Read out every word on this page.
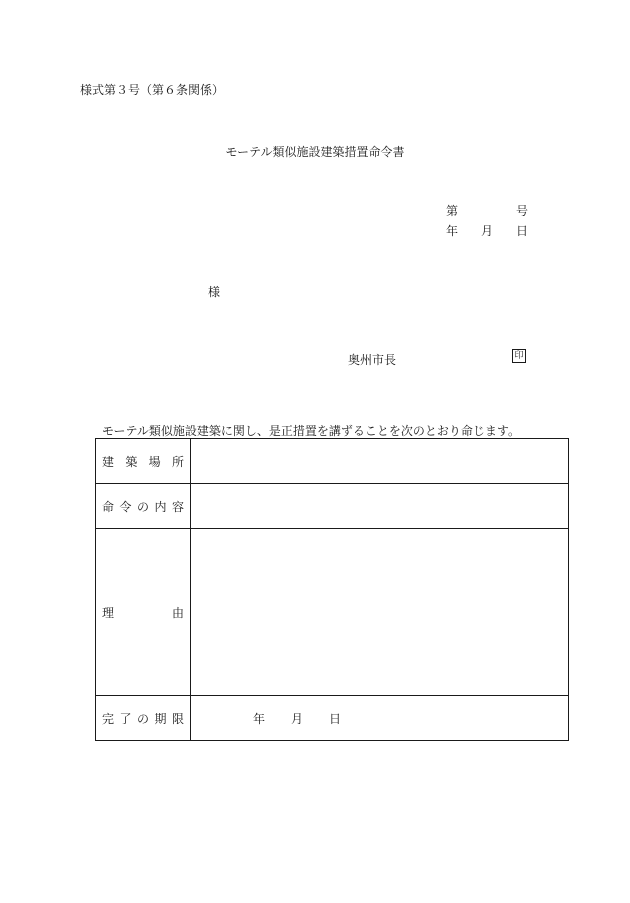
様式第３号（第６条関係）
モーテル類似施設建築措置命令書
第	号
年 月 日
様
奥州市長	印
モーテル類似施設建築に関し、是正措置を講ずることを次のとおり命じます。
建 築 場 所	

命 令 の 内 容	

理 由	

完 了 の 期 限	年 月 日
